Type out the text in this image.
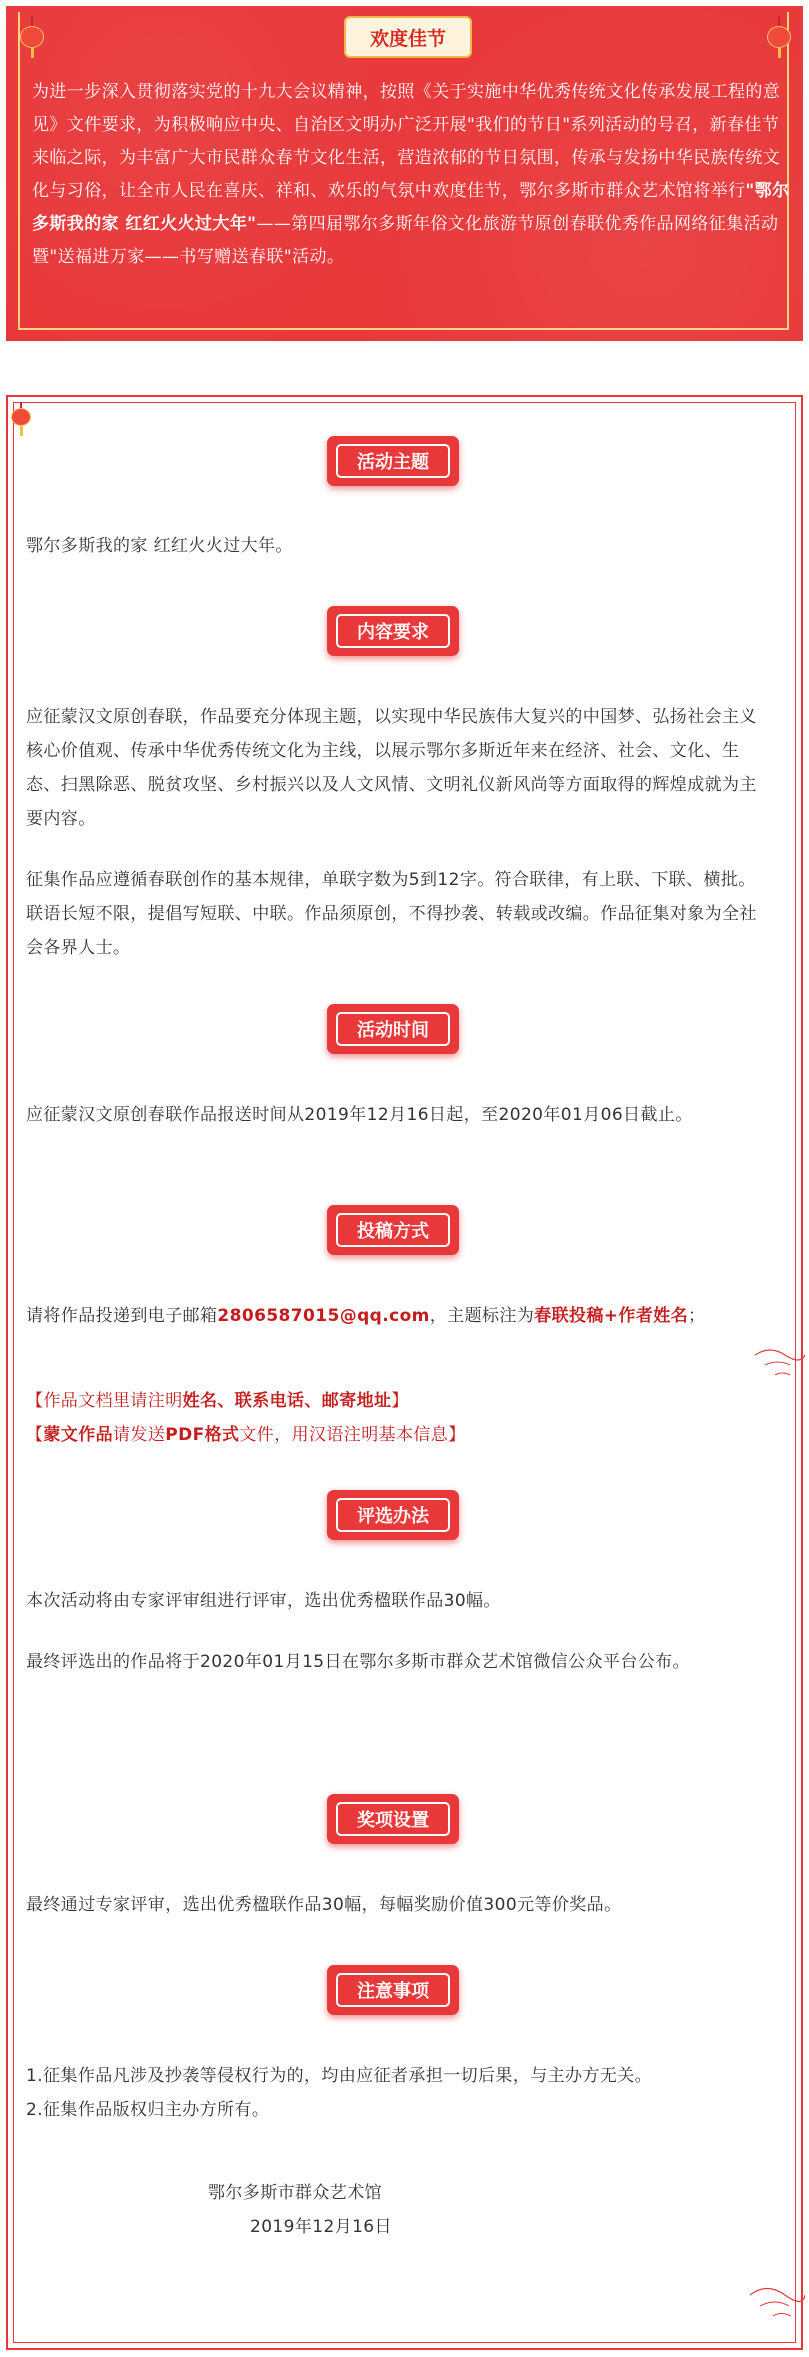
欢度佳节
为进一步深入贯彻落实党的十九大会议精神，按照《关于实施中华优秀传统文化传承发展工程的意见》文件要求，为积极响应中央、自治区文明办广泛开展"我们的节日"系列活动的号召，新春佳节来临之际，为丰富广大市民群众春节文化生活，营造浓郁的节日氛围，传承与发扬中华民族传统文化与习俗，让全市人民在喜庆、祥和、欢乐的气氛中欢度佳节，鄂尔多斯市群众艺术馆将举行"鄂尔多斯我的家 红红火火过大年"——第四届鄂尔多斯年俗文化旅游节原创春联优秀作品网络征集活动暨"送福进万家——书写赠送春联"活动。
活动主题
鄂尔多斯我的家 红红火火过大年。
内容要求
应征蒙汉文原创春联，作品要充分体现主题，以实现中华民族伟大复兴的中国梦、弘扬社会主义核心价值观、传承中华优秀传统文化为主线，以展示鄂尔多斯近年来在经济、社会、文化、生态、扫黑除恶、脱贫攻坚、乡村振兴以及人文风情、文明礼仪新风尚等方面取得的辉煌成就为主要内容。
征集作品应遵循春联创作的基本规律，单联字数为5到12字。符合联律，有上联、下联、横批。联语长短不限，提倡写短联、中联。作品须原创，不得抄袭、转载或改编。作品征集对象为全社会各界人士。
活动时间
应征蒙汉文原创春联作品报送时间从2019年12月16日起，至2020年01月06日截止。
投稿方式
请将作品投递到电子邮箱2806587015@qq.com，主题标注为春联投稿+作者姓名；
【作品文档里请注明姓名、联系电话、邮寄地址】
【蒙文作品请发送PDF格式文件，用汉语注明基本信息】
评选办法
本次活动将由专家评审组进行评审，选出优秀楹联作品30幅。
最终评选出的作品将于2020年01月15日在鄂尔多斯市群众艺术馆微信公众平台公布。
奖项设置
最终通过专家评审，选出优秀楹联作品30幅，每幅奖励价值300元等价奖品。
注意事项
1.征集作品凡涉及抄袭等侵权行为的，均由应征者承担一切后果，与主办方无关。
2.征集作品版权归主办方所有。
鄂尔多斯市群众艺术馆
2019年12月16日
